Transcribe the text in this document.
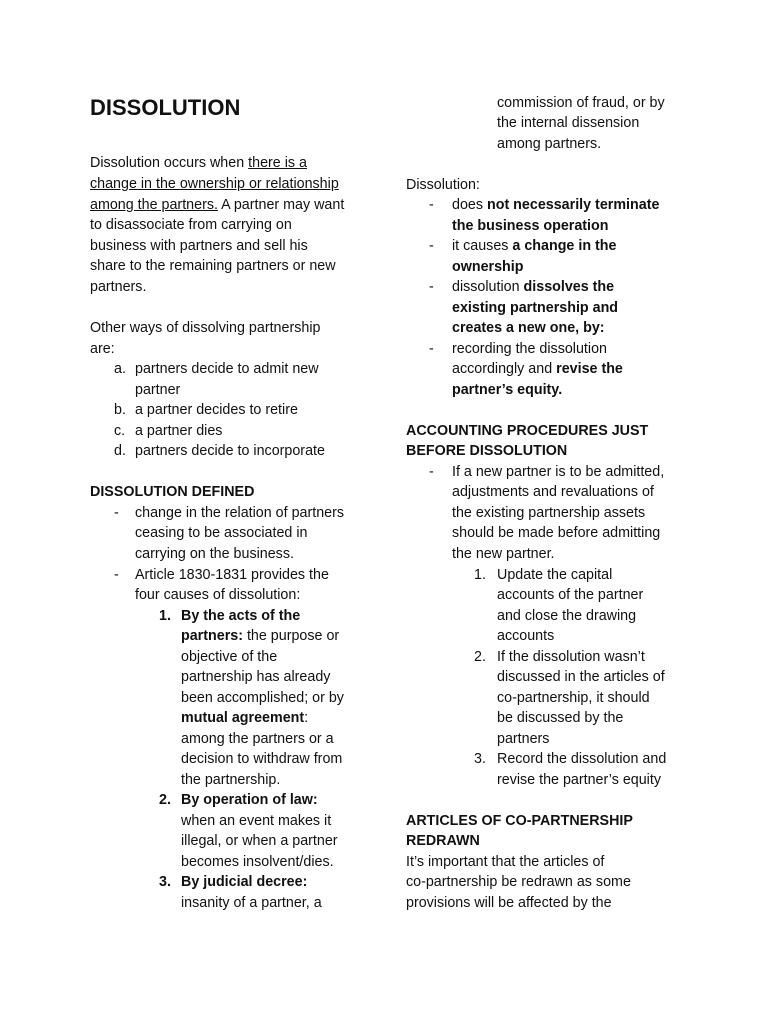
DISSOLUTION
Dissolution occurs when there is a
change in the ownership or relationship
among the partners. A partner may want
to disassociate from carrying on
business with partners and sell his
share to the remaining partners or new
partners.
Other ways of dissolving partnership
are:
a. partners decide to admit new
partner
b. a partner decides to retire
c. a partner dies
d. partners decide to incorporate
DISSOLUTION DEFINED
- change in the relation of partners
ceasing to be associated in
carrying on the business.
- Article 1830-1831 provides the
four causes of dissolution:
1. By the acts of the
partners: the purpose or
objective of the
partnership has already
been accomplished; or by
mutual agreement:
among the partners or a
decision to withdraw from
the partnership.
2. By operation of law:
when an event makes it
illegal, or when a partner
becomes insolvent/dies.
3. By judicial decree:
insanity of a partner, a
commission of fraud, or by
the internal dissension
among partners.
Dissolution:
- does not necessarily terminate
the business operation
- it causes a change in the
ownership
- dissolution dissolves the
existing partnership and
creates a new one, by:
- recording the dissolution
accordingly and revise the
partner’s equity.
ACCOUNTING PROCEDURES JUST
BEFORE DISSOLUTION
- If a new partner is to be admitted,
adjustments and revaluations of
the existing partnership assets
should be made before admitting
the new partner.
1. Update the capital
accounts of the partner
and close the drawing
accounts
2. If the dissolution wasn’t
discussed in the articles of
co-partnership, it should
be discussed by the
partners
3. Record the dissolution and
revise the partner’s equity
ARTICLES OF CO-PARTNERSHIP
REDRAWN
It’s important that the articles of
co-partnership be redrawn as some
provisions will be affected by the
